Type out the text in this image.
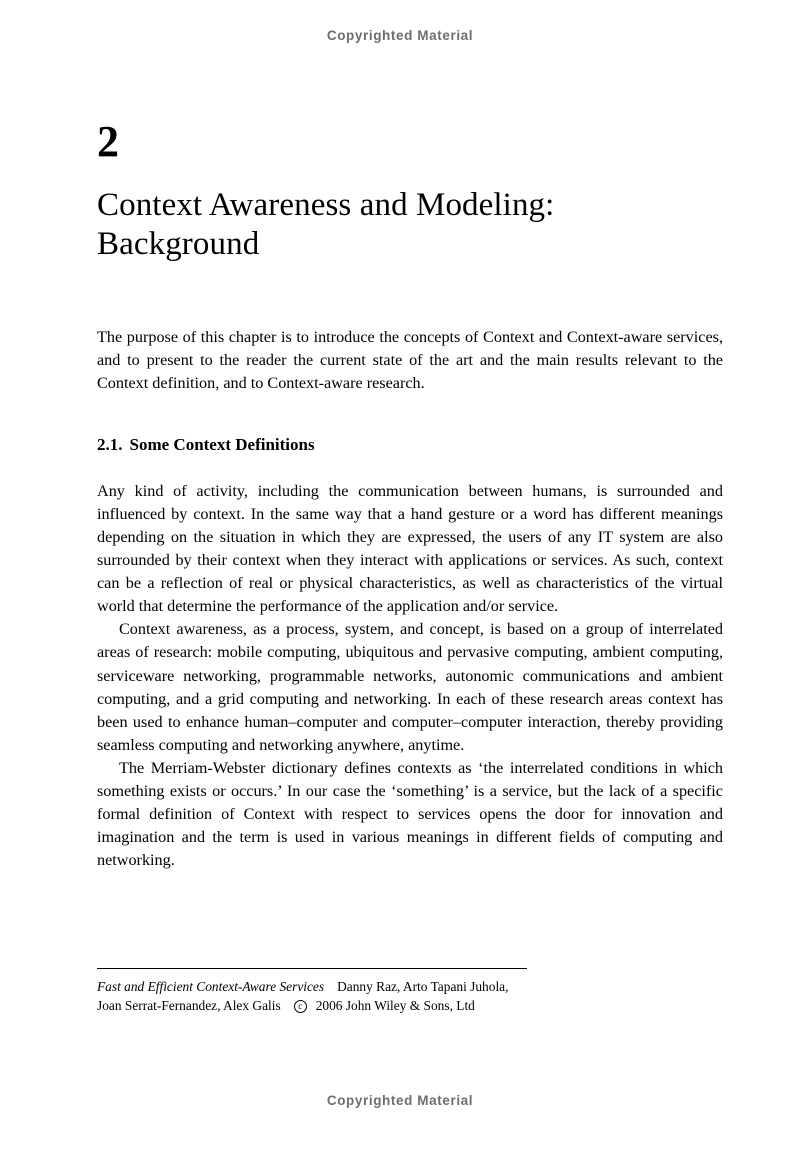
Copyrighted Material
2
Context Awareness and Modeling: Background

The purpose of this chapter is to introduce the concepts of Context and Context-aware services, and to present to the reader the current state of the art and the main results relevant to the Context definition, and to Context-aware research.

2.1. Some Context Definitions

Any kind of activity, including the communication between humans, is surrounded and influenced by context. In the same way that a hand gesture or a word has different meanings depending on the situation in which they are expressed, the users of any IT system are also surrounded by their context when they interact with applications or services. As such, context can be a reflection of real or physical characteristics, as well as characteristics of the virtual world that determine the performance of the application and/or service.

Context awareness, as a process, system, and concept, is based on a group of interrelated areas of research: mobile computing, ubiquitous and pervasive computing, ambient computing, serviceware networking, programmable networks, autonomic communications and ambient computing, and a grid computing and networking. In each of these research areas context has been used to enhance human–computer and computer–computer interaction, thereby providing seamless computing and networking anywhere, anytime.

The Merriam-Webster dictionary defines contexts as ‘the interrelated conditions in which something exists or occurs.’ In our case the ‘something’ is a service, but the lack of a specific formal definition of Context with respect to services opens the door for innovation and imagination and the term is used in various meanings in different fields of computing and networking.

Fast and Efficient Context-Aware Services Danny Raz, Arto Tapani Juhola,
Joan Serrat-Fernandez, Alex Galis c 2006 John Wiley & Sons, Ltd
Copyrighted Material
